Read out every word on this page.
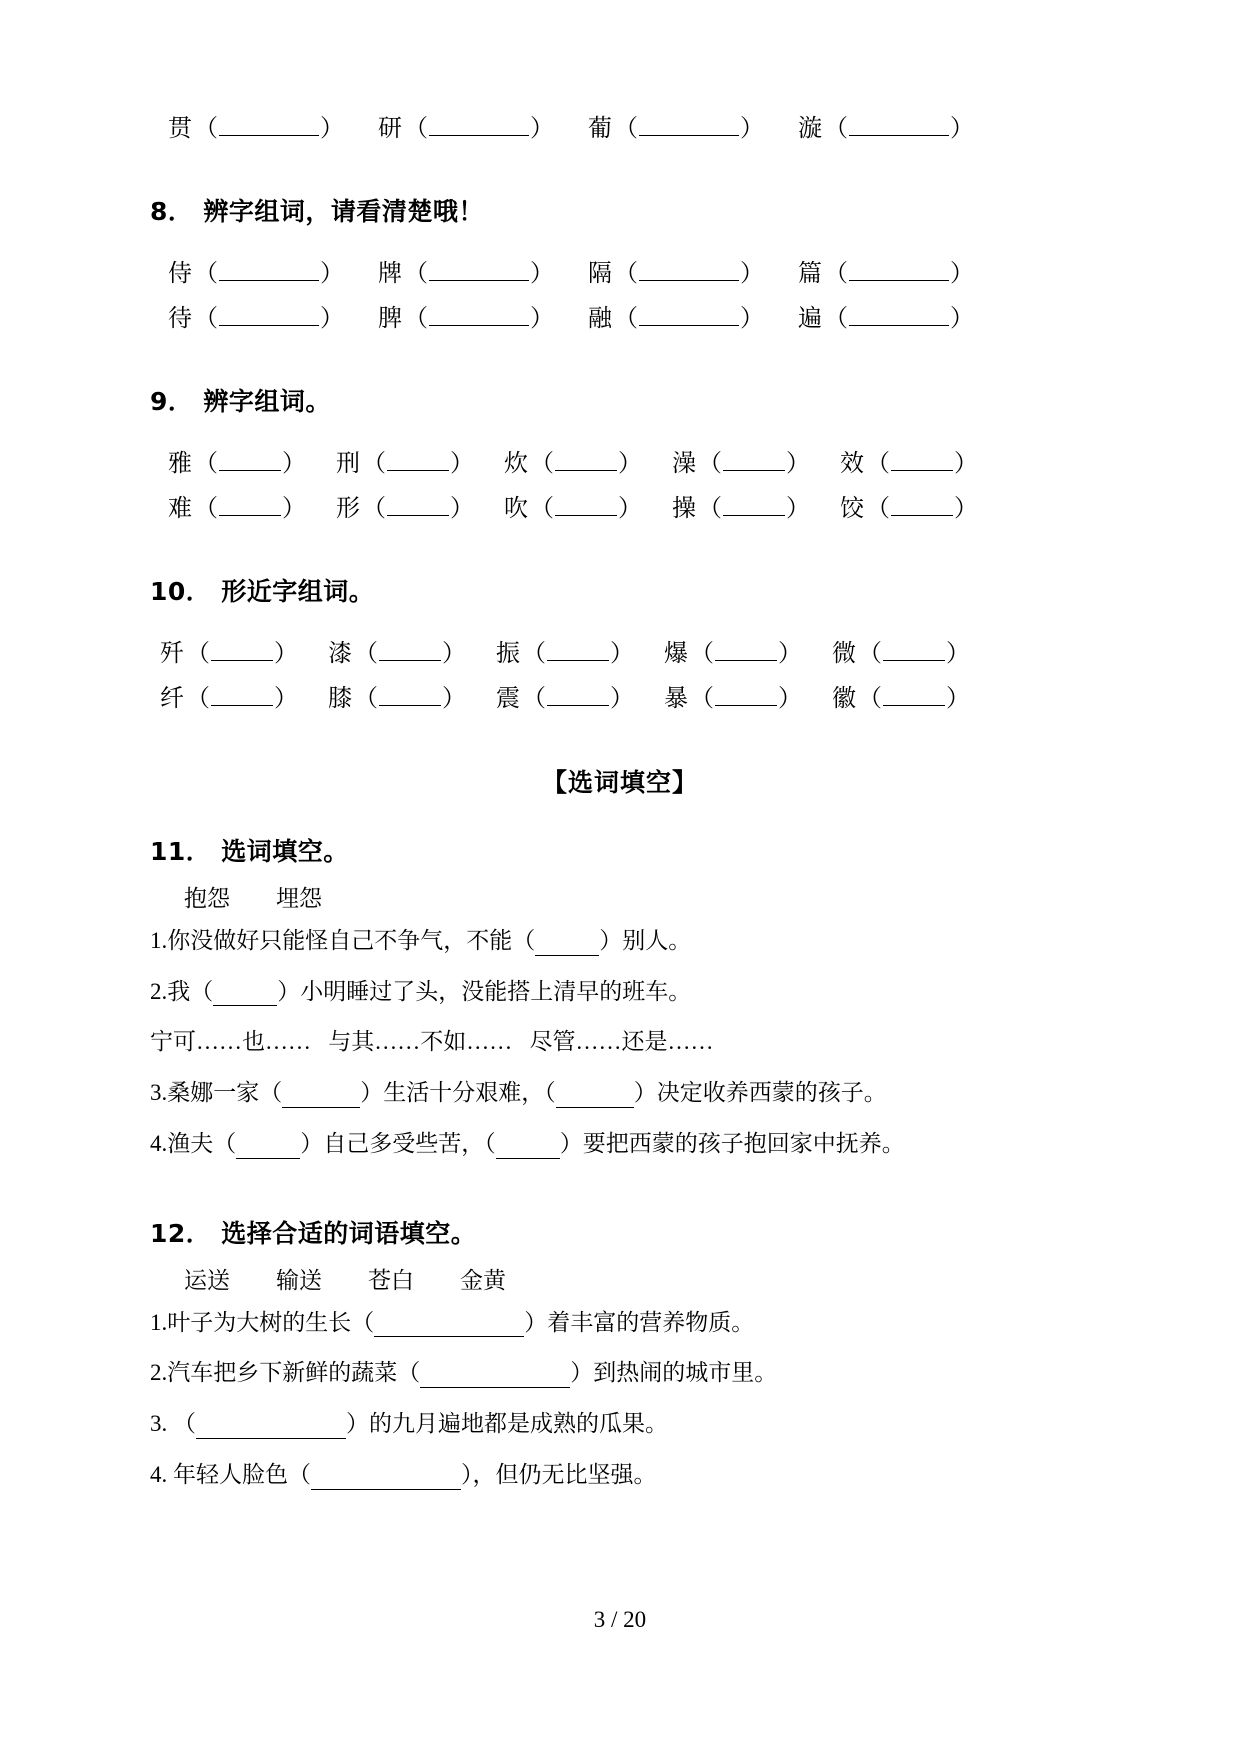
贯 （	） 研 （	） 葡 （	） 漩 （	）
8． 辨字组词，请看清楚哦！
侍 （	） 牌 （	） 隔 （	） 篇 （	）
待 （	） 脾 （	） 融 （	） 遍 （	）
9． 辨字组词。
雅 （	） 刑 （	） 炊 （	） 澡 （	） 效 （	）
难 （	） 形 （	） 吹 （	） 操 （	） 饺 （	）
10． 形近字组词。
歼 （	） 漆 （	） 振 （	） 爆 （	） 微 （	）
纤 （	） 膝 （	） 震 （	） 暴 （	） 徽 （	）
【选词填空】
11． 选词填空。
抱怨        埋怨
1.你没做好只能怪自己不争气，不能（	）别人。
2.我（	）小明睡过了头，没能搭上清早的班车。
宁可……也……   与其……不如……   尽管……还是……
3.桑娜一家（	）生活十分艰难，（	）决定收养西蒙的孩子。
4.渔夫（	）自己多受些苦，（	）要把西蒙的孩子抱回家中抚养。
12． 选择合适的词语填空。
运送        输送        苍白        金黄
1.叶子为大树的生长（	）着丰富的营养物质。
2.汽车把乡下新鲜的蔬菜（	）到热闹的城市里。
3. （	）的九月遍地都是成熟的瓜果。
4. 年轻人脸色（	），但仍无比坚强。
3 / 20
